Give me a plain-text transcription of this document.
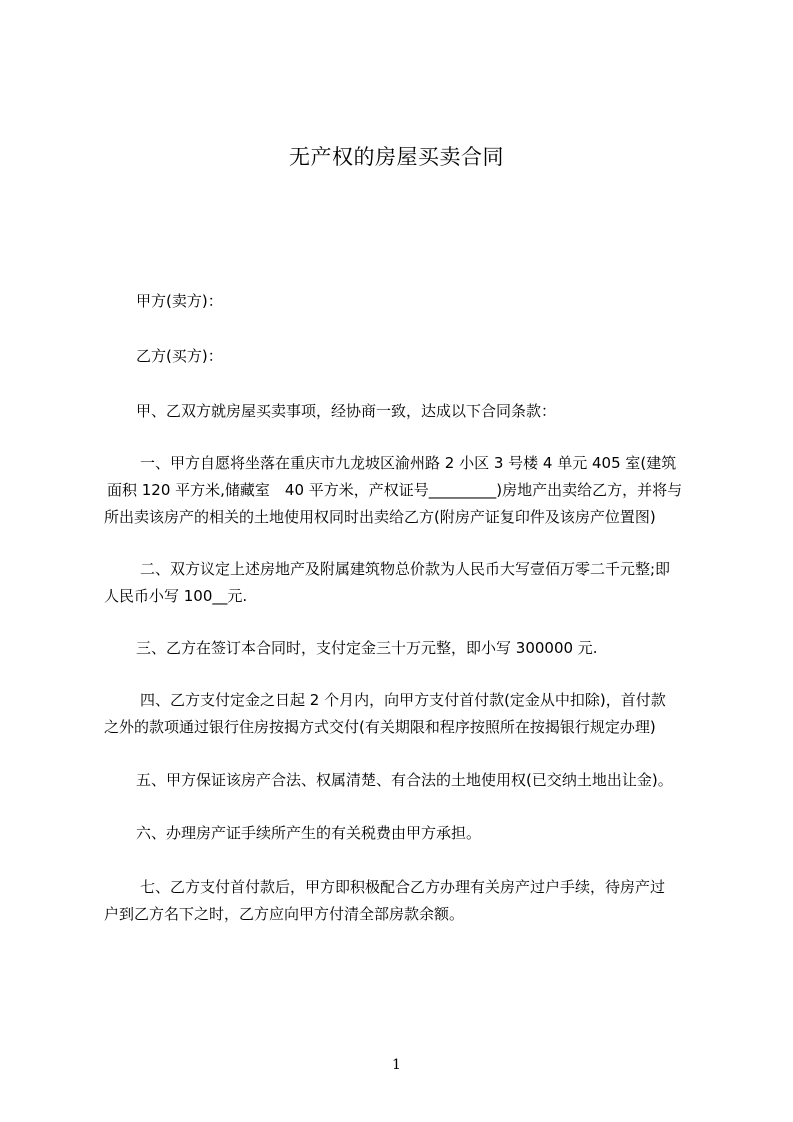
无产权的房屋买卖合同
甲方(卖方)：
乙方(买方)：
甲、乙双方就房屋买卖事项，经协商一致，达成以下合同条款：
一、甲方自愿将坐落在重庆市九龙坡区渝州路 2 小区 3 号楼 4 单元 405 室(建筑
面积 120 平方米,储藏室　40 平方米，产权证号_________)房地产出卖给乙方，并将与
所出卖该房产的相关的土地使用权同时出卖给乙方(附房产证复印件及该房产位置图)
二、双方议定上述房地产及附属建筑物总价款为人民币大写壹佰万零二千元整;即
人民币小写 100__元.
三、乙方在签订本合同时，支付定金三十万元整，即小写 300000 元.
四、乙方支付定金之日起 2 个月内，向甲方支付首付款(定金从中扣除)，首付款
之外的款项通过银行住房按揭方式交付(有关期限和程序按照所在按揭银行规定办理)
五、甲方保证该房产合法、权属清楚、有合法的土地使用权(已交纳土地出让金)。
六、办理房产证手续所产生的有关税费由甲方承担。
七、乙方支付首付款后，甲方即积极配合乙方办理有关房产过户手续，待房产过
户到乙方名下之时，乙方应向甲方付清全部房款余额。
1
